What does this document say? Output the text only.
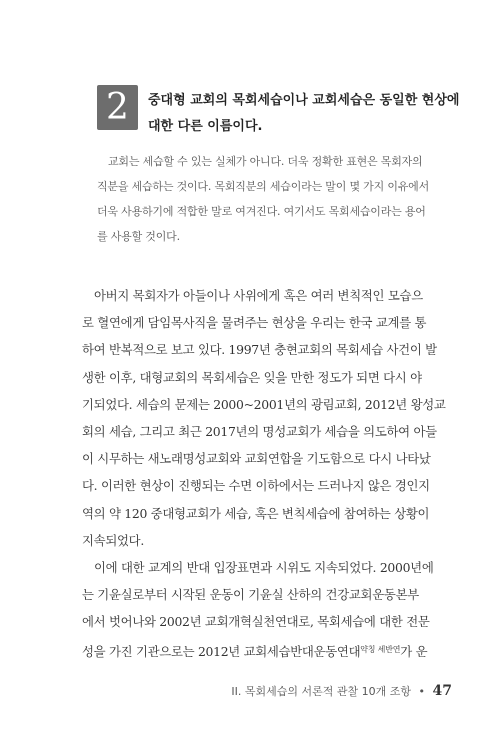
2	중대형 교회의 목회세습이나 교회세습은 동일한 현상에
대한 다른 이름이다.
교회는 세습할 수 있는 실체가 아니다. 더욱 정확한 표현은 목회자의
직분을 세습하는 것이다. 목회직분의 세습이라는 말이 몇 가지 이유에서
더욱 사용하기에 적합한 말로 여겨진다. 여기서도 목회세습이라는 용어
를 사용할 것이다.
아버지 목회자가 아들이나 사위에게 혹은 여러 변칙적인 모습으
로 혈연에게 담임목사직을 물려주는 현상을 우리는 한국 교계를 통
하여 반복적으로 보고 있다. 1997년 충현교회의 목회세습 사건이 발
생한 이후, 대형교회의 목회세습은 잊을 만한 정도가 되면 다시 야
기되었다. 세습의 문제는 2000~2001년의 광림교회, 2012년 왕성교
회의 세습, 그리고 최근 2017년의 명성교회가 세습을 의도하여 아들
이 시무하는 새노래명성교회와 교회연합을 기도함으로 다시 나타났
다. 이러한 현상이 진행되는 수면 이하에서는 드러나지 않은 경인지
역의 약 120 중대형교회가 세습, 혹은 변칙세습에 참여하는 상황이
지속되었다.
이에 대한 교계의 반대 입장표면과 시위도 지속되었다. 2000년에
는 기윤실로부터 시작된 운동이 기윤실 산하의 건강교회운동본부
에서 벗어나와 2002년 교회개혁실천연대로, 목회세습에 대한 전문
성을 가진 기관으로는 2012년 교회세습반대운동연대$^{약칭 세반연}$가 운
II. 목회세습의 서론적 관찰 10개 조항 • 47
